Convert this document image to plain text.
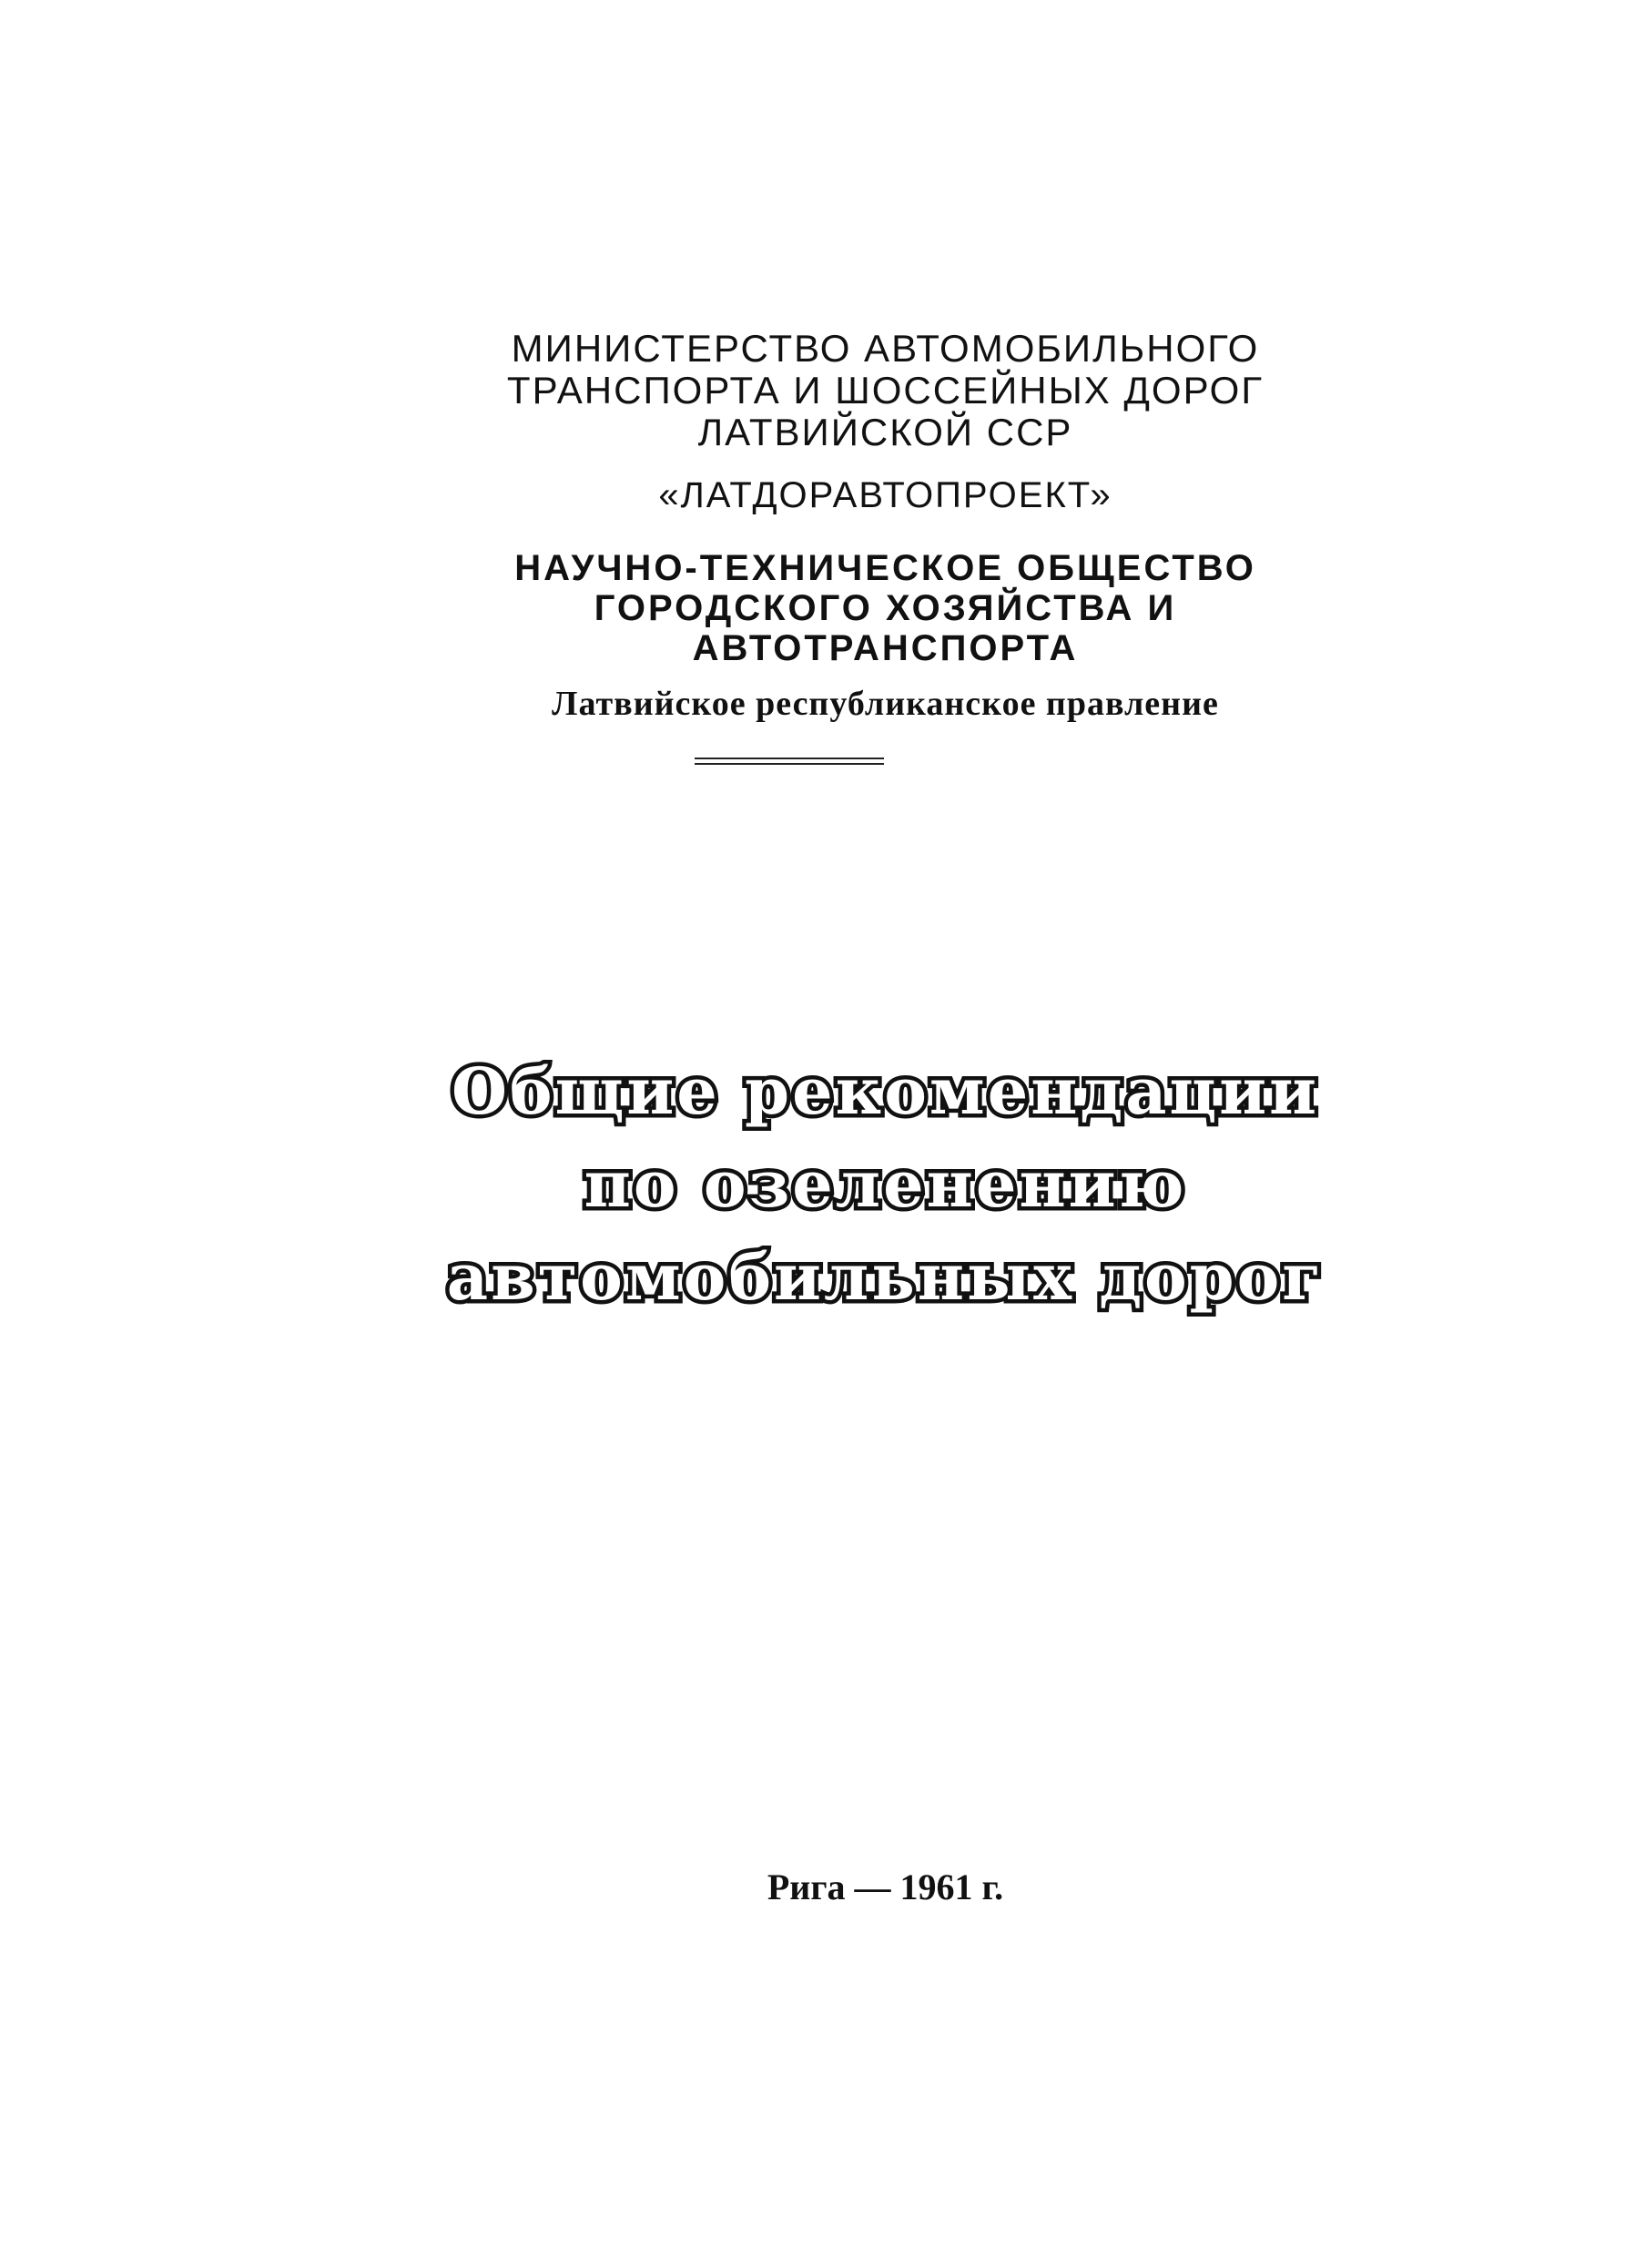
МИНИСТЕРСТВО АВТОМОБИЛЬНОГО
ТРАНСПОРТА И ШОССЕЙНЫХ ДОРОГ
ЛАТВИЙСКОЙ ССР
«ЛАТДОРАВТОПРОЕКТ»
НАУЧНО-ТЕХНИЧЕСКОЕ ОБЩЕСТВО
ГОРОДСКОГО ХОЗЯЙСТВА И
АВТОТРАНСПОРТА
Латвийское республиканское правление
Общие рекомендации
по озеленению
автомобильных дорог
Рига — 1961 г.
